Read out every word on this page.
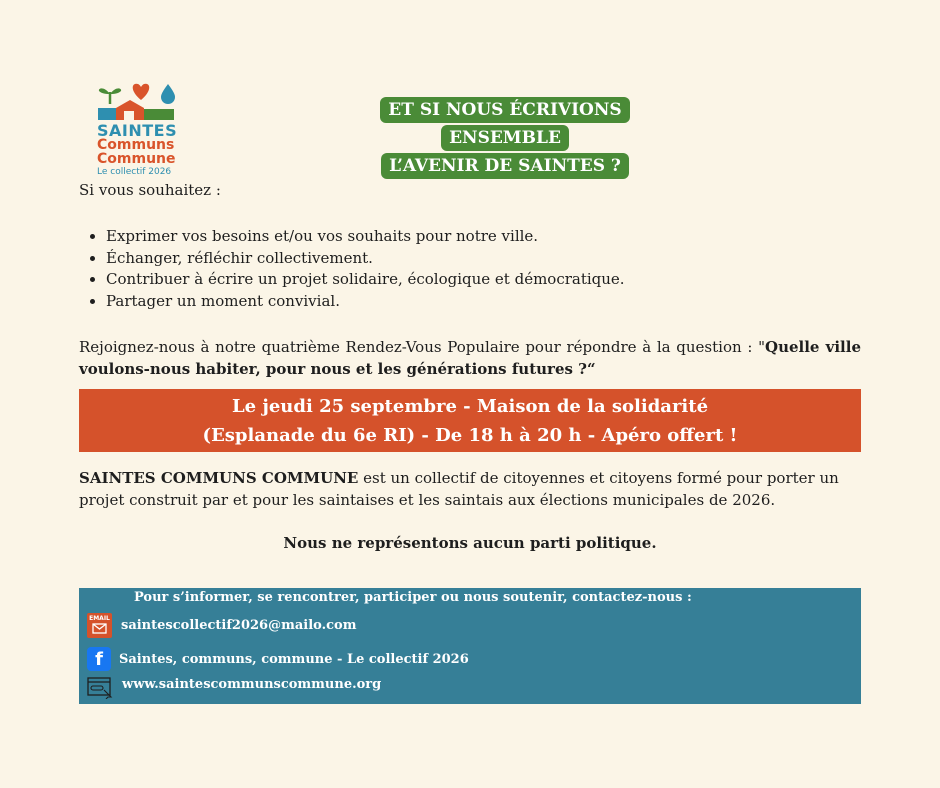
SAINTES
Communs
Commune
Le collectif 2026
ET SI NOUS ÉCRIVIONS ENSEMBLE
L’AVENIR DE SAINTES ?
Si vous souhaitez :
• Exprimer vos besoins et/ou vos souhaits pour notre ville.
• Échanger, réfléchir collectivement.
• Contribuer à écrire un projet solidaire, écologique et démocratique.
• Partager un moment convivial.
Rejoignez-nous à notre quatrième Rendez-Vous Populaire pour répondre à la question : "Quelle ville voulons-nous habiter, pour nous et les générations futures ?“
Le jeudi 25 septembre - Maison de la solidarité
(Esplanade du 6e RI) - De 18 h à 20 h - Apéro offert !
SAINTES COMMUNS COMMUNE est un collectif de citoyennes et citoyens formé pour porter un projet construit par et pour les saintaises et les saintais aux élections municipales de 2026.
Nous ne représentons aucun parti politique.
Pour s’informer, se rencontrer, participer ou nous soutenir, contactez-nous :
EMAIL saintescollectif2026@mailo.com
f	Saintes, communs, commune - Le collectif 2026
www.saintescommunscommune.org
